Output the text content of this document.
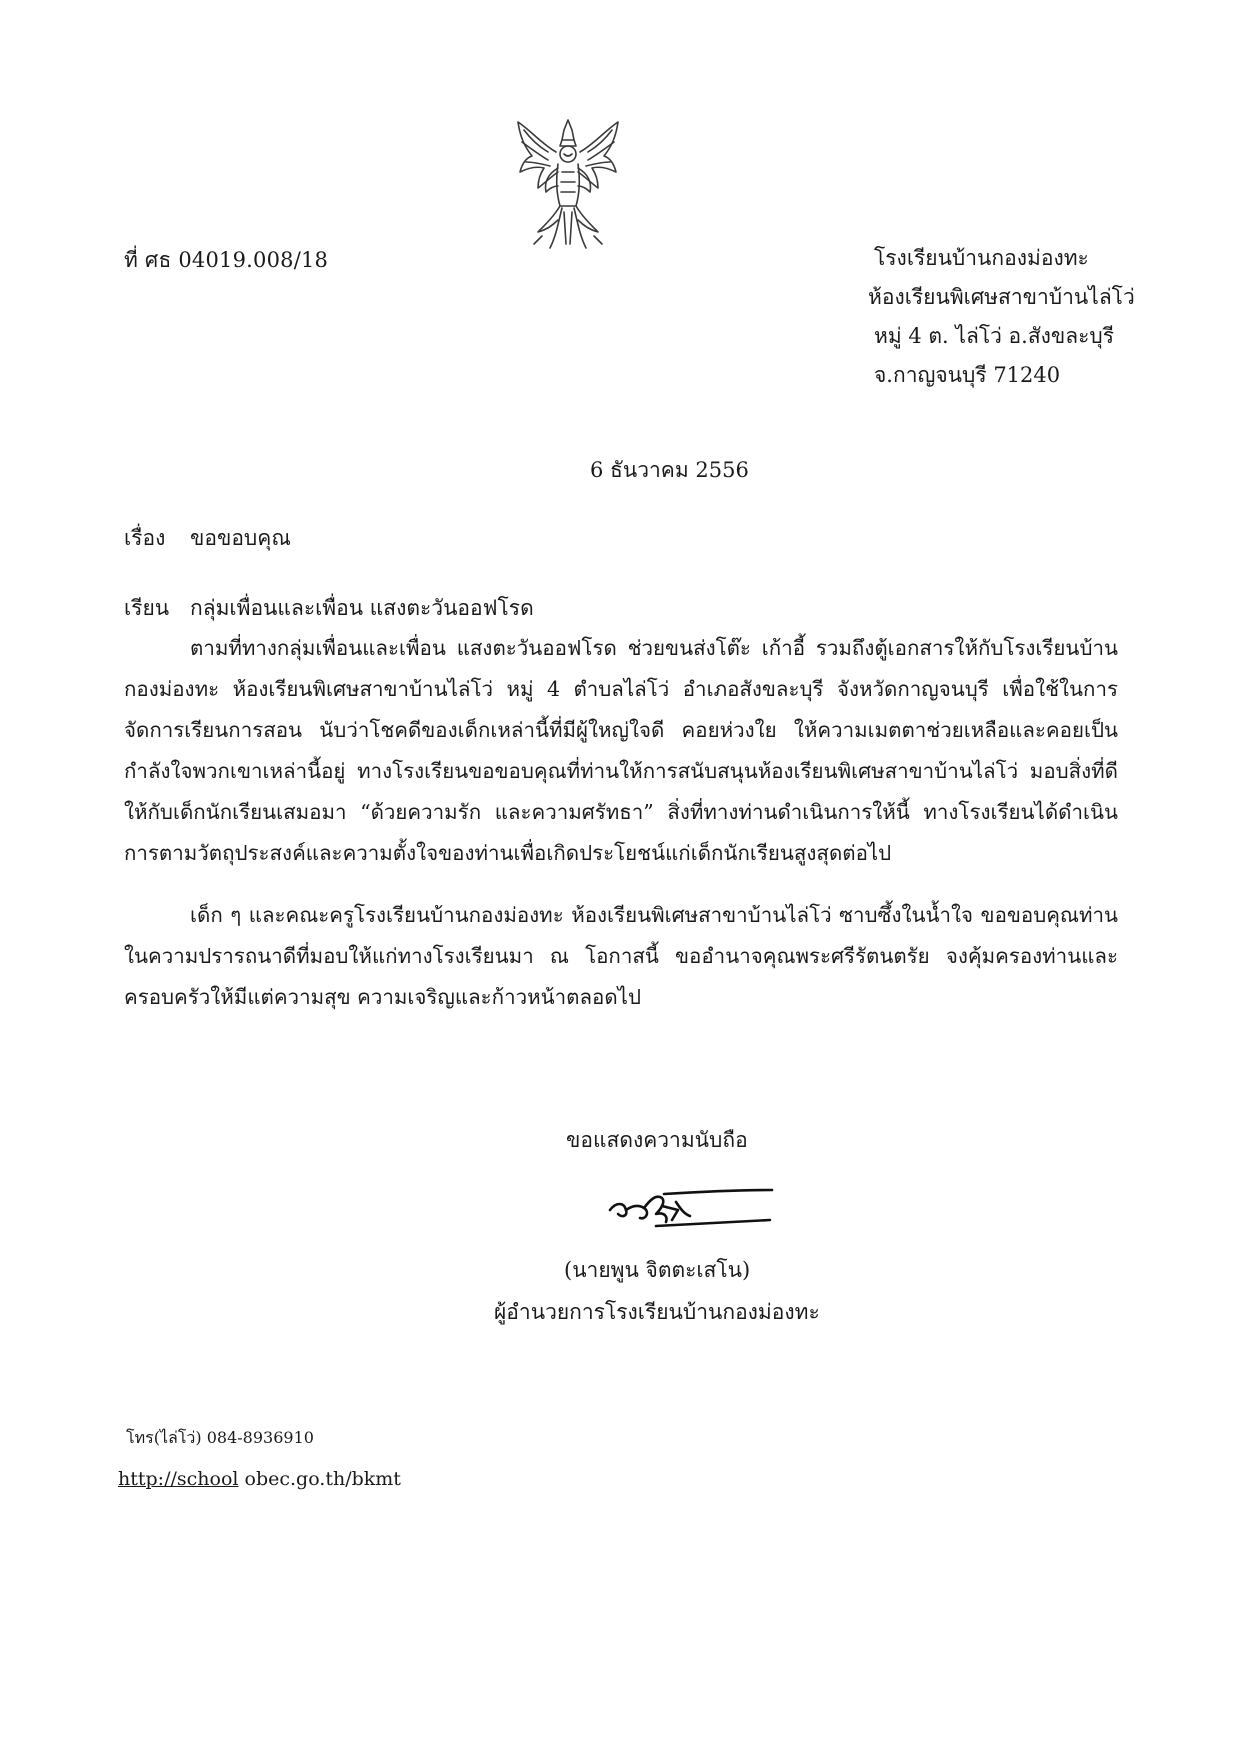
ที่ ศธ 04019.008/18	โรงเรียนบ้านกองม่องทะ
ห้องเรียนพิเศษสาขาบ้านไล่โว่
หมู่ 4 ต. ไล่โว่ อ.สังขละบุรี
จ.กาญจนบุรี 71240
6 ธันวาคม 2556
เรื่อง ขอขอบคุณ
เรียน กลุ่มเพื่อนและเพื่อน แสงตะวันออฟโรด
ตามที่ทางกลุ่มเพื่อนและเพื่อน แสงตะวันออฟโรด ช่วยขนส่งโต๊ะ เก้าอี้ รวมถึงตู้เอกสารให้กับโรงเรียนบ้านกองม่องทะ ห้องเรียนพิเศษสาขาบ้านไล่โว่ หมู่ 4 ตำบลไล่โว่ อำเภอสังขละบุรี จังหวัดกาญจนบุรี เพื่อใช้ในการจัดการเรียนการสอน นับว่าโชคดีของเด็กเหล่านี้ที่มีผู้ใหญ่ใจดี คอยห่วงใย ให้ความเมตตาช่วยเหลือและคอยเป็นกำลังใจพวกเขาเหล่านี้อยู่ ทางโรงเรียนขอขอบคุณที่ท่านให้การสนับสนุนห้องเรียนพิเศษสาขาบ้านไล่โว่ มอบสิ่งที่ดีให้กับเด็กนักเรียนเสมอมา “ด้วยความรัก และความศรัทธา” สิ่งที่ทางท่านดำเนินการให้นี้ ทางโรงเรียนได้ดำเนินการตามวัตถุประสงค์และความตั้งใจของท่านเพื่อเกิดประโยชน์แก่เด็กนักเรียนสูงสุดต่อไป
เด็ก ๆ และคณะครูโรงเรียนบ้านกองม่องทะ ห้องเรียนพิเศษสาขาบ้านไล่โว่ ซาบซึ้งในน้ำใจ ขอขอบคุณท่านในความปรารถนาดีที่มอบให้แก่ทางโรงเรียนมา ณ โอกาสนี้ ขออำนาจคุณพระศรีรัตนตรัย จงคุ้มครองท่านและครอบครัวให้มีแต่ความสุข ความเจริญและก้าวหน้าตลอดไป
ขอแสดงความนับถือ
(นายพูน จิตตะเสโน)
ผู้อำนวยการโรงเรียนบ้านกองม่องทะ
โทร(ไล่โว่) 084-8936910
http://school obec.go.th/bkmt
